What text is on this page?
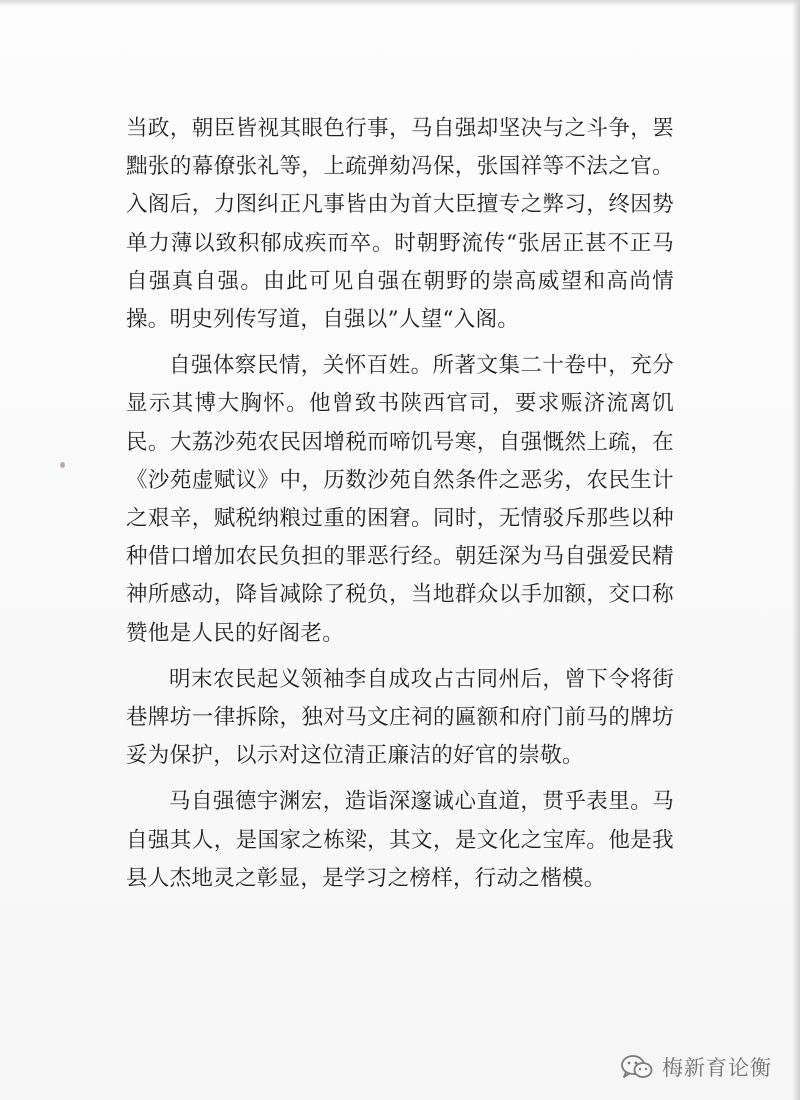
当政，朝臣皆视其眼色行事，马自强却坚决与之斗争，罢黜张的幕僚张礼等，上疏弹劾冯保，张国祥等不法之官。入阁后，力图纠正凡事皆由为首大臣擅专之弊习，终因势单力薄以致积郁成疾而卒。时朝野流传“张居正甚不正马自强真自强。由此可见自强在朝野的崇高威望和高尚情操。明史列传写道，自强以”人望“入阁。

自强体察民情，关怀百姓。所著文集二十卷中，充分显示其博大胸怀。他曾致书陕西官司，要求赈济流离饥民。大荔沙苑农民因增税而啼饥号寒，自强慨然上疏，在《沙苑虚赋议》中，历数沙苑自然条件之恶劣，农民生计之艰辛，赋税纳粮过重的困窘。同时，无情驳斥那些以种种借口增加农民负担的罪恶行经。朝廷深为马自强爱民精神所感动，降旨减除了税负，当地群众以手加额，交口称赞他是人民的好阁老。

明末农民起义领袖李自成攻占古同州后，曾下令将街巷牌坊一律拆除，独对马文庄祠的匾额和府门前马的牌坊妥为保护，以示对这位清正廉洁的好官的崇敬。

马自强德宇渊宏，造诣深邃诚心直道，贯乎表里。马自强其人，是国家之栋梁，其文，是文化之宝库。他是我县人杰地灵之彰显，是学习之榜样，行动之楷模。

梅新育论衡
